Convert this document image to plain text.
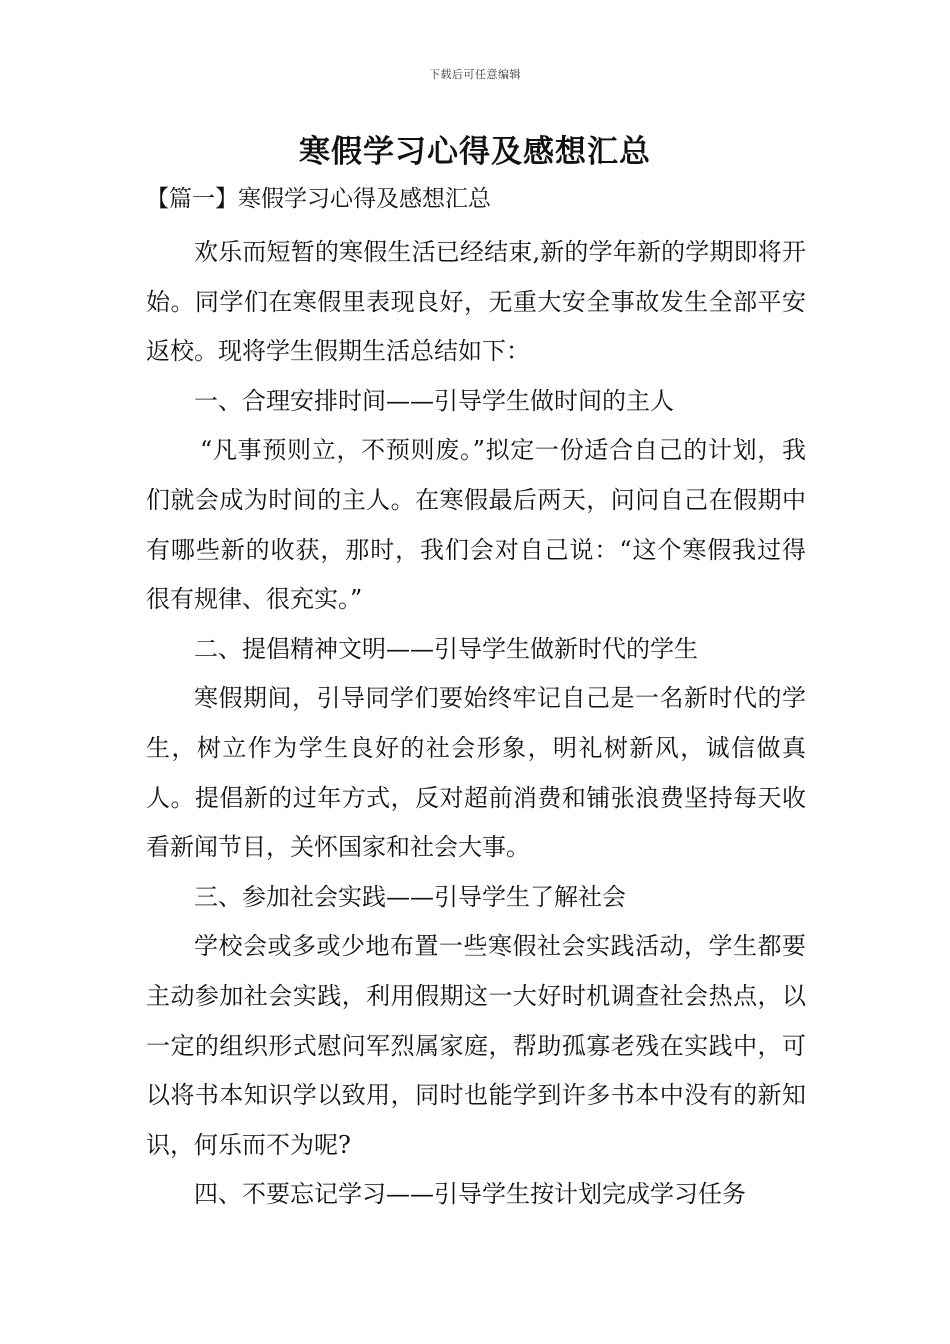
下载后可任意编辑
寒假学习心得及感想汇总
【篇一】寒假学习心得及感想汇总

欢乐而短暂的寒假生活已经结束,新的学年新的学期即将开始。同学们在寒假里表现良好，无重大安全事故发生全部平安返校。现将学生假期生活总结如下：

一、合理安排时间——引导学生做时间的主人

“凡事预则立，不预则废。”拟定一份适合自己的计划，我们就会成为时间的主人。在寒假最后两天，问问自己在假期中有哪些新的收获，那时，我们会对自己说：“这个寒假我过得很有规律、很充实。”

二、提倡精神文明——引导学生做新时代的学生

寒假期间，引导同学们要始终牢记自己是一名新时代的学生，树立作为学生良好的社会形象，明礼树新风，诚信做真人。提倡新的过年方式，反对超前消费和铺张浪费坚持每天收看新闻节目，关怀国家和社会大事。

三、参加社会实践——引导学生了解社会

学校会或多或少地布置一些寒假社会实践活动，学生都要主动参加社会实践，利用假期这一大好时机调查社会热点，以一定的组织形式慰问军烈属家庭，帮助孤寡老残在实践中，可以将书本知识学以致用，同时也能学到许多书本中没有的新知识，何乐而不为呢?

四、不要忘记学习——引导学生按计划完成学习任务
